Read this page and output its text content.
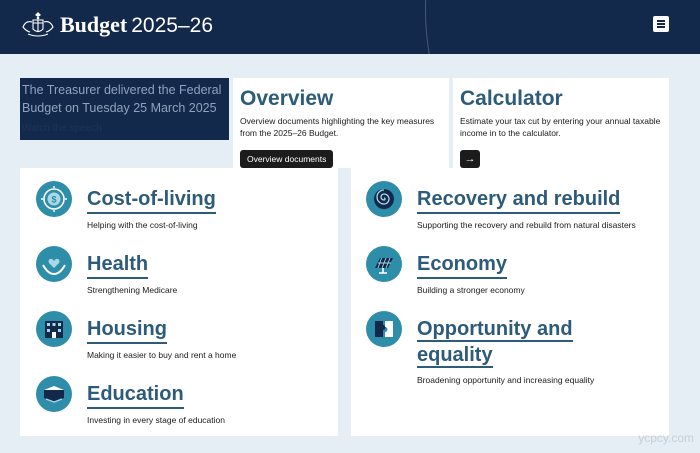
Budget 2025–26

The Treasurer delivered the Federal Budget on Tuesday 25 March 2025

Watch the speech
Overview

Overview documents highlighting the key measures from the 2025–26 Budget.

Overview documents
Calculator

Estimate your tax cut by entering your annual taxable income in to the calculator.

→
$ Cost-of-living
Helping with the cost-of-living
Health
Strengthening Medicare
Housing
Making it easier to buy and rent a home
Education
Investing in every stage of education
Recovery and rebuild
Supporting the recovery and rebuild from natural disasters
Economy
Building a stronger economy
Opportunity and equality
Broadening opportunity and increasing equality
ycpcy.com
